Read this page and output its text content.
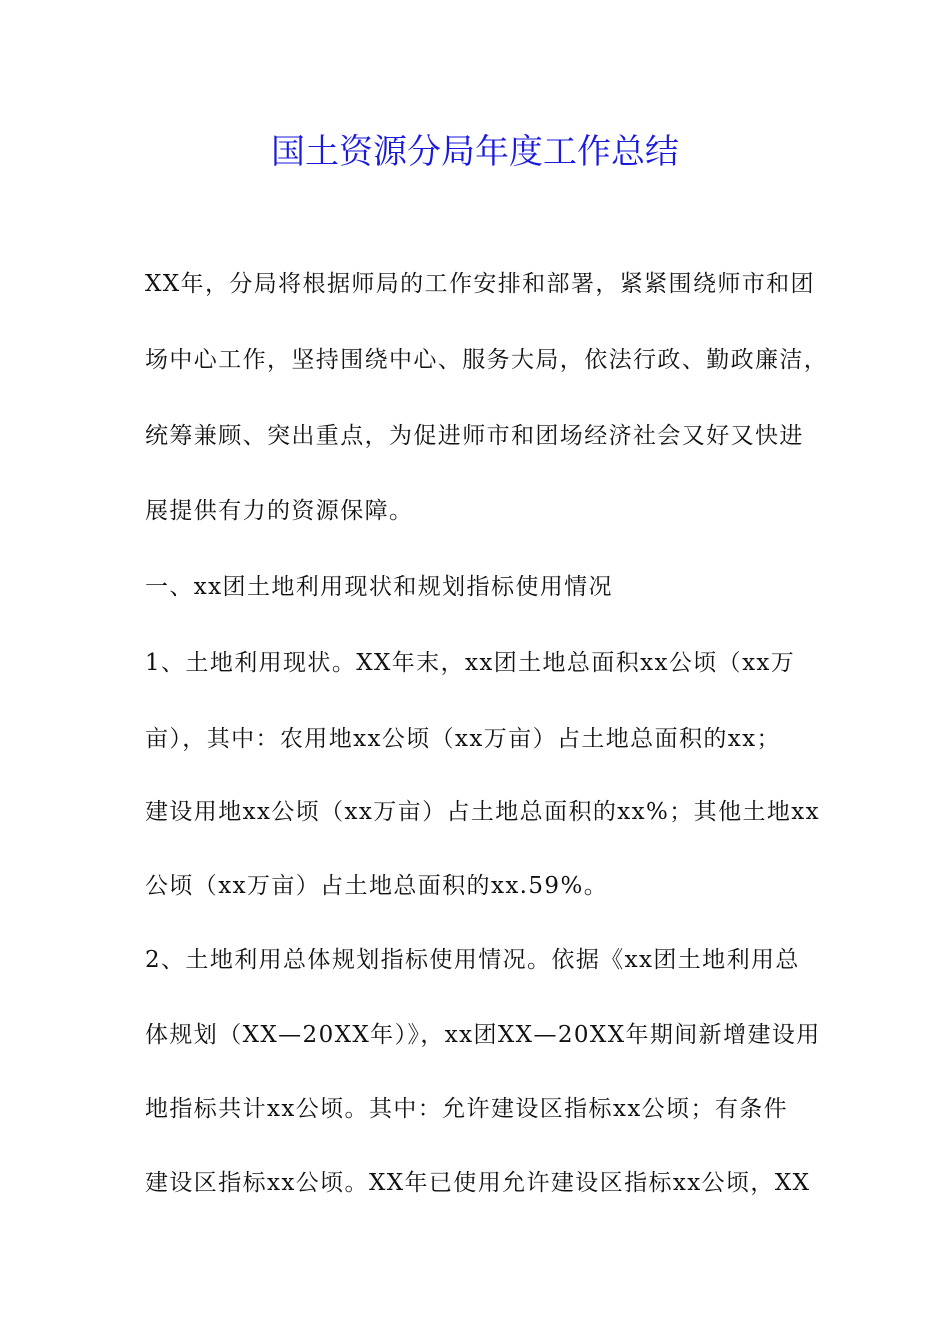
国土资源分局年度工作总结
XX年，分局将根据师局的工作安排和部署，紧紧围绕师市和团
场中心工作，坚持围绕中心、服务大局，依法行政、勤政廉洁，
统筹兼顾、突出重点，为促进师市和团场经济社会又好又快进
展提供有力的资源保障。
一、xx团土地利用现状和规划指标使用情况
1、土地利用现状。XX年末，xx团土地总面积xx公顷（xx万
亩），其中：农用地xx公顷（xx万亩）占土地总面积的xx；
建设用地xx公顷（xx万亩）占土地总面积的xx%；其他土地xx
公顷（xx万亩）占土地总面积的xx.59%。
2、土地利用总体规划指标使用情况。依据《xx团土地利用总
体规划（XX—20XX年）》，xx团XX—20XX年期间新增建设用
地指标共计xx公顷。其中：允许建设区指标xx公顷；有条件
建设区指标xx公顷。XX年已使用允许建设区指标xx公顷，XX
